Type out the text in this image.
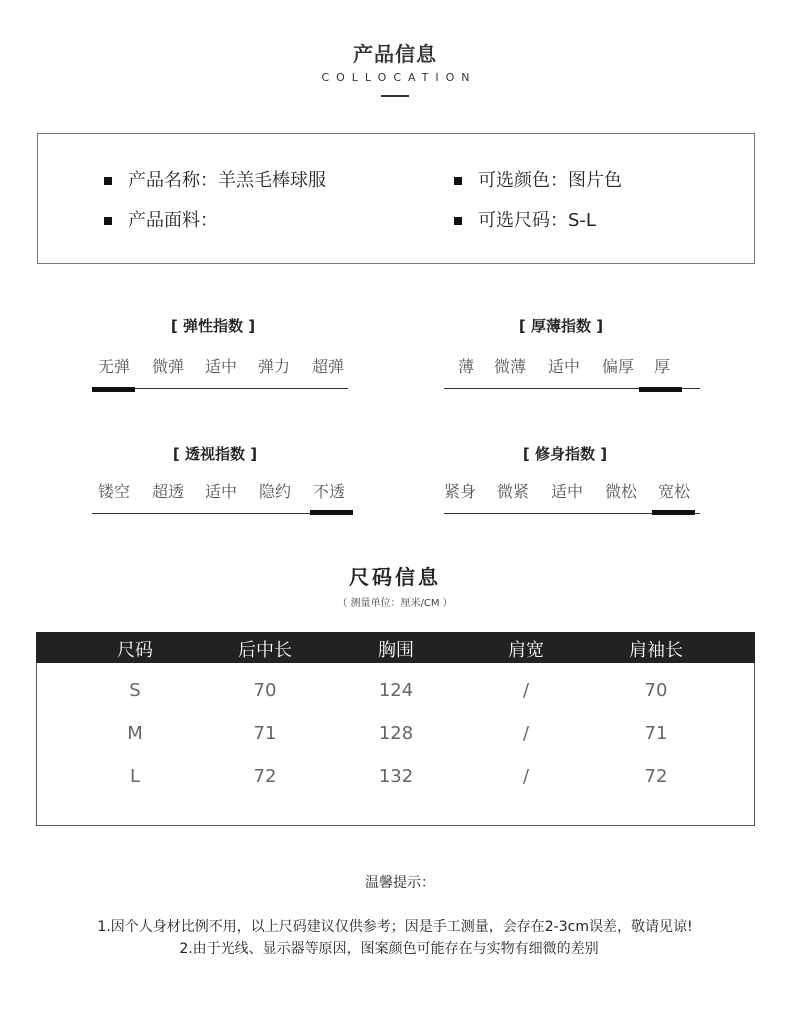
产品信息
COLLOCATION
产品名称：羊羔毛棒球服
产品面料：
可选颜色：图片色
可选尺码：S-L
[ 弹性指数 ]
无弹	微弹	适中	弹力	超弹
[ 厚薄指数 ]
薄	微薄	适中	偏厚	厚
[ 透视指数 ]
镂空	超透	适中	隐约	不透
[ 修身指数 ]
紧身	微紧	适中	微松	宽松
尺码信息
（ 测量单位：厘米/CM ）
尺码	后中长	胸围	肩宽	肩袖长
S	70	124	/	70
M	71	128	/	71
L	72	132	/	72
温馨提示：
1.因个人身材比例不用，以上尺码建议仅供参考；因是手工测量，会存在2-3cm误差，敬请见谅!
2.由于光线、显示器等原因，图案颜色可能存在与实物有细微的差别
